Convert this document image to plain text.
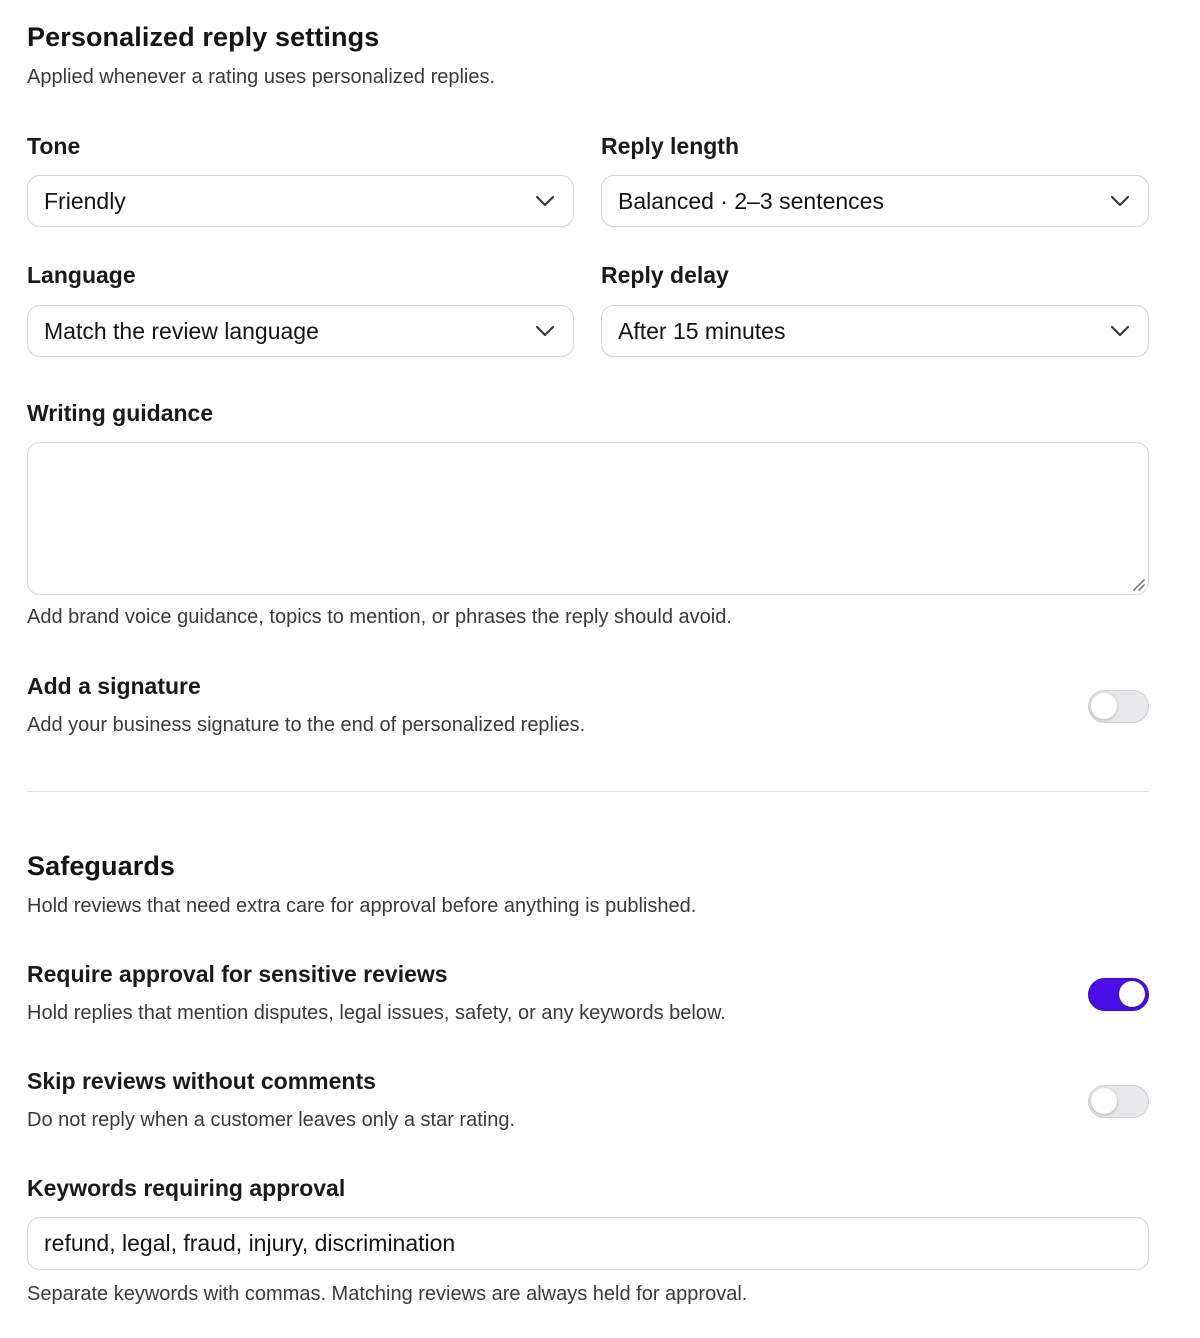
Personalized reply settings

Applied whenever a rating uses personalized replies.

Tone

Friendly

Reply length

Balanced · 2–3 sentences

Language

Match the review language

Reply delay

After 15 minutes

Writing guidance

Add brand voice guidance, topics to mention, or phrases the reply should avoid.

Add a signature

Add your business signature to the end of personalized replies.

Safeguards

Hold reviews that need extra care for approval before anything is published.

Require approval for sensitive reviews

Hold replies that mention disputes, legal issues, safety, or any keywords below.

Skip reviews without comments

Do not reply when a customer leaves only a star rating.

Keywords requiring approval

refund, legal, fraud, injury, discrimination

Separate keywords with commas. Matching reviews are always held for approval.
